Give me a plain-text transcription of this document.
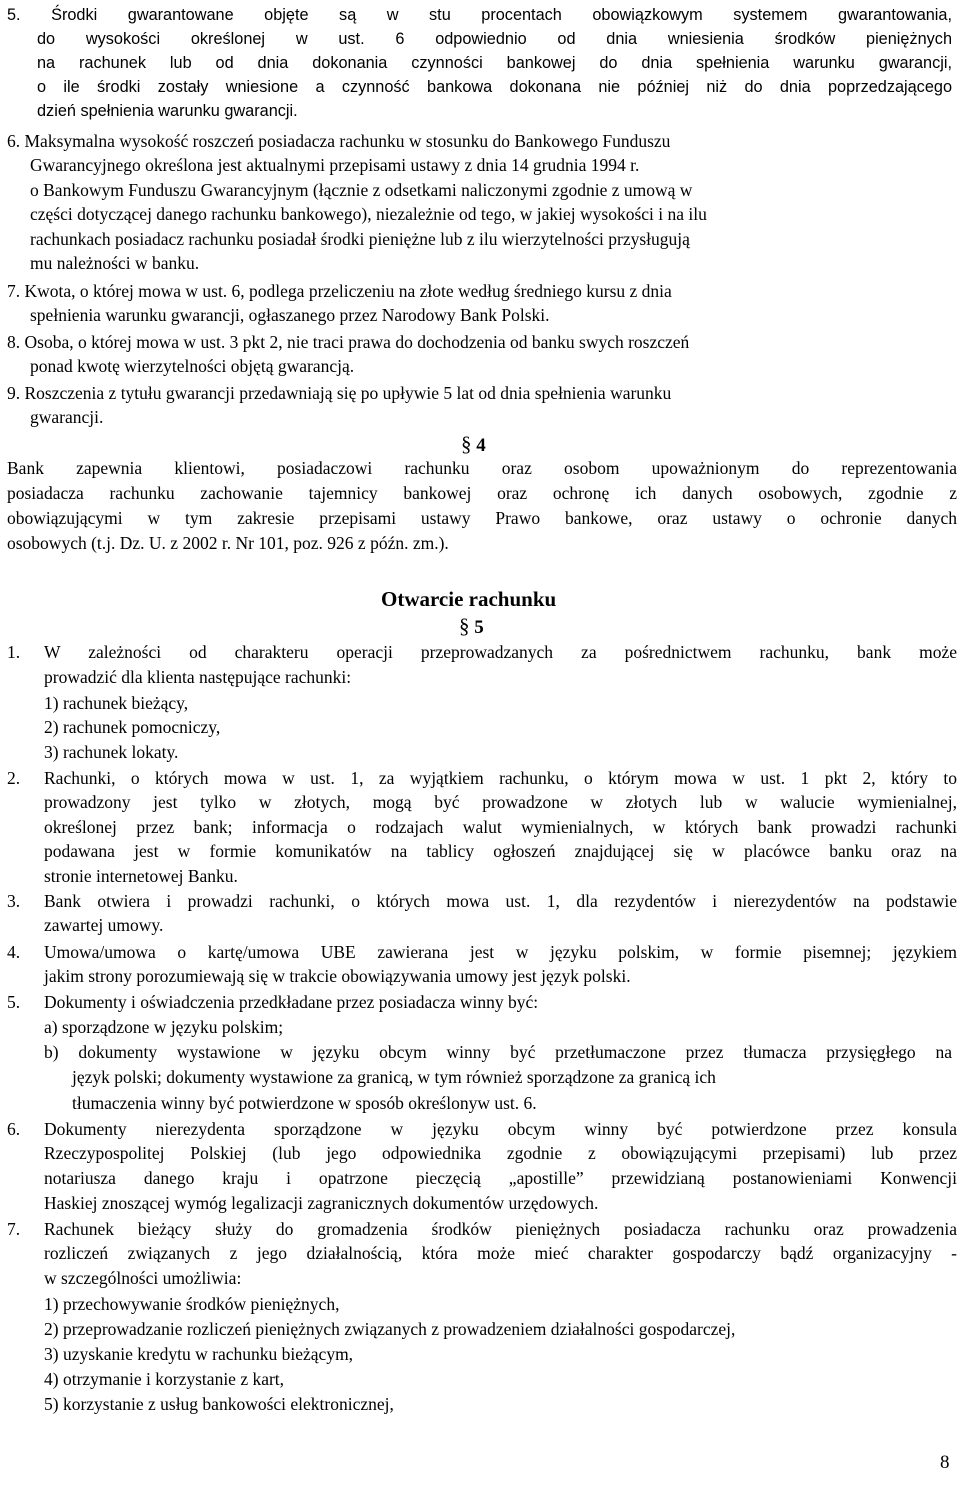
5. Środki gwarantowane objęte są w stu procentach obowiązkowym systemem gwarantowania,
do wysokości określonej w ust. 6 odpowiednio od dnia wniesienia środków pieniężnych
na rachunek lub od dnia dokonania czynności bankowej do dnia spełnienia warunku gwarancji,
o ile środki zostały wniesione a czynność bankowa dokonana nie później niż do dnia poprzedzającego
dzień spełnienia warunku gwarancji.
6. Maksymalna wysokość roszczeń posiadacza rachunku w stosunku do Bankowego Funduszu
Gwarancyjnego określona jest aktualnymi przepisami ustawy z dnia 14 grudnia 1994 r.
o Bankowym Funduszu Gwarancyjnym (łącznie z odsetkami naliczonymi zgodnie z umową w
części dotyczącej danego rachunku bankowego), niezależnie od tego, w jakiej wysokości i na ilu
rachunkach posiadacz rachunku posiadał środki pieniężne lub z ilu wierzytelności przysługują
mu należności w banku.
7. Kwota, o której mowa w ust. 6, podlega przeliczeniu na złote według średniego kursu z dnia
spełnienia warunku gwarancji, ogłaszanego przez Narodowy Bank Polski.
8. Osoba, o której mowa w ust. 3 pkt 2, nie traci prawa do dochodzenia od banku swych roszczeń
ponad kwotę wierzytelności objętą gwarancją.
9. Roszczenia z tytułu gwarancji przedawniają się po upływie 5 lat od dnia spełnienia warunku
gwarancji.
§ 4
Bank zapewnia klientowi, posiadaczowi rachunku oraz osobom upoważnionym do reprezentowania
posiadacza rachunku zachowanie tajemnicy bankowej oraz ochronę ich danych osobowych, zgodnie z
obowiązującymi w tym zakresie przepisami ustawy Prawo bankowe, oraz ustawy o ochronie danych
osobowych (t.j. Dz. U. z 2002 r. Nr 101, poz. 926 z późn. zm.).
Otwarcie rachunku
§ 5
1. W zależności od charakteru operacji przeprowadzanych za pośrednictwem rachunku, bank może
prowadzić dla klienta następujące rachunki:
1) rachunek bieżący,
2) rachunek pomocniczy,
3) rachunek lokaty.
2. Rachunki, o których mowa w ust. 1, za wyjątkiem rachunku, o którym mowa w ust. 1 pkt 2, który to
prowadzony jest tylko w złotych, mogą być prowadzone w złotych lub w walucie wymienialnej,
określonej przez bank; informacja o rodzajach walut wymienialnych, w których bank prowadzi rachunki
podawana jest w formie komunikatów na tablicy ogłoszeń znajdującej się w placówce banku oraz na
stronie internetowej Banku.
3. Bank otwiera i prowadzi rachunki, o których mowa ust. 1, dla rezydentów i nierezydentów na podstawie
zawartej umowy.
4. Umowa/umowa o kartę/umowa UBE zawierana jest w języku polskim, w formie pisemnej; językiem
jakim strony porozumiewają się w trakcie obowiązywania umowy jest język polski.
5. Dokumenty i oświadczenia przedkładane przez posiadacza winny być:
a) sporządzone w języku polskim;
b) dokumenty wystawione w języku obcym winny być przetłumaczone przez tłumacza przysięgłego na
język polski; dokumenty wystawione za granicą, w tym również sporządzone za granicą ich
tłumaczenia winny być potwierdzone w sposób określonyw ust. 6.
6. Dokumenty nierezydenta sporządzone w języku obcym winny być potwierdzone przez konsula
Rzeczypospolitej Polskiej (lub jego odpowiednika zgodnie z obowiązującymi przepisami) lub przez
notariusza danego kraju i opatrzone pieczęcią „apostille” przewidzianą postanowieniami Konwencji
Haskiej znoszącej wymóg legalizacji zagranicznych dokumentów urzędowych.
7. Rachunek bieżący służy do gromadzenia środków pieniężnych posiadacza rachunku oraz prowadzenia
rozliczeń związanych z jego działalnością, która może mieć charakter gospodarczy bądź organizacyjny -
w szczególności umożliwia:
1) przechowywanie środków pieniężnych,
2) przeprowadzanie rozliczeń pieniężnych związanych z prowadzeniem działalności gospodarczej,
3) uzyskanie kredytu w rachunku bieżącym,
4) otrzymanie i korzystanie z kart,
5) korzystanie z usług bankowości elektronicznej,
8
